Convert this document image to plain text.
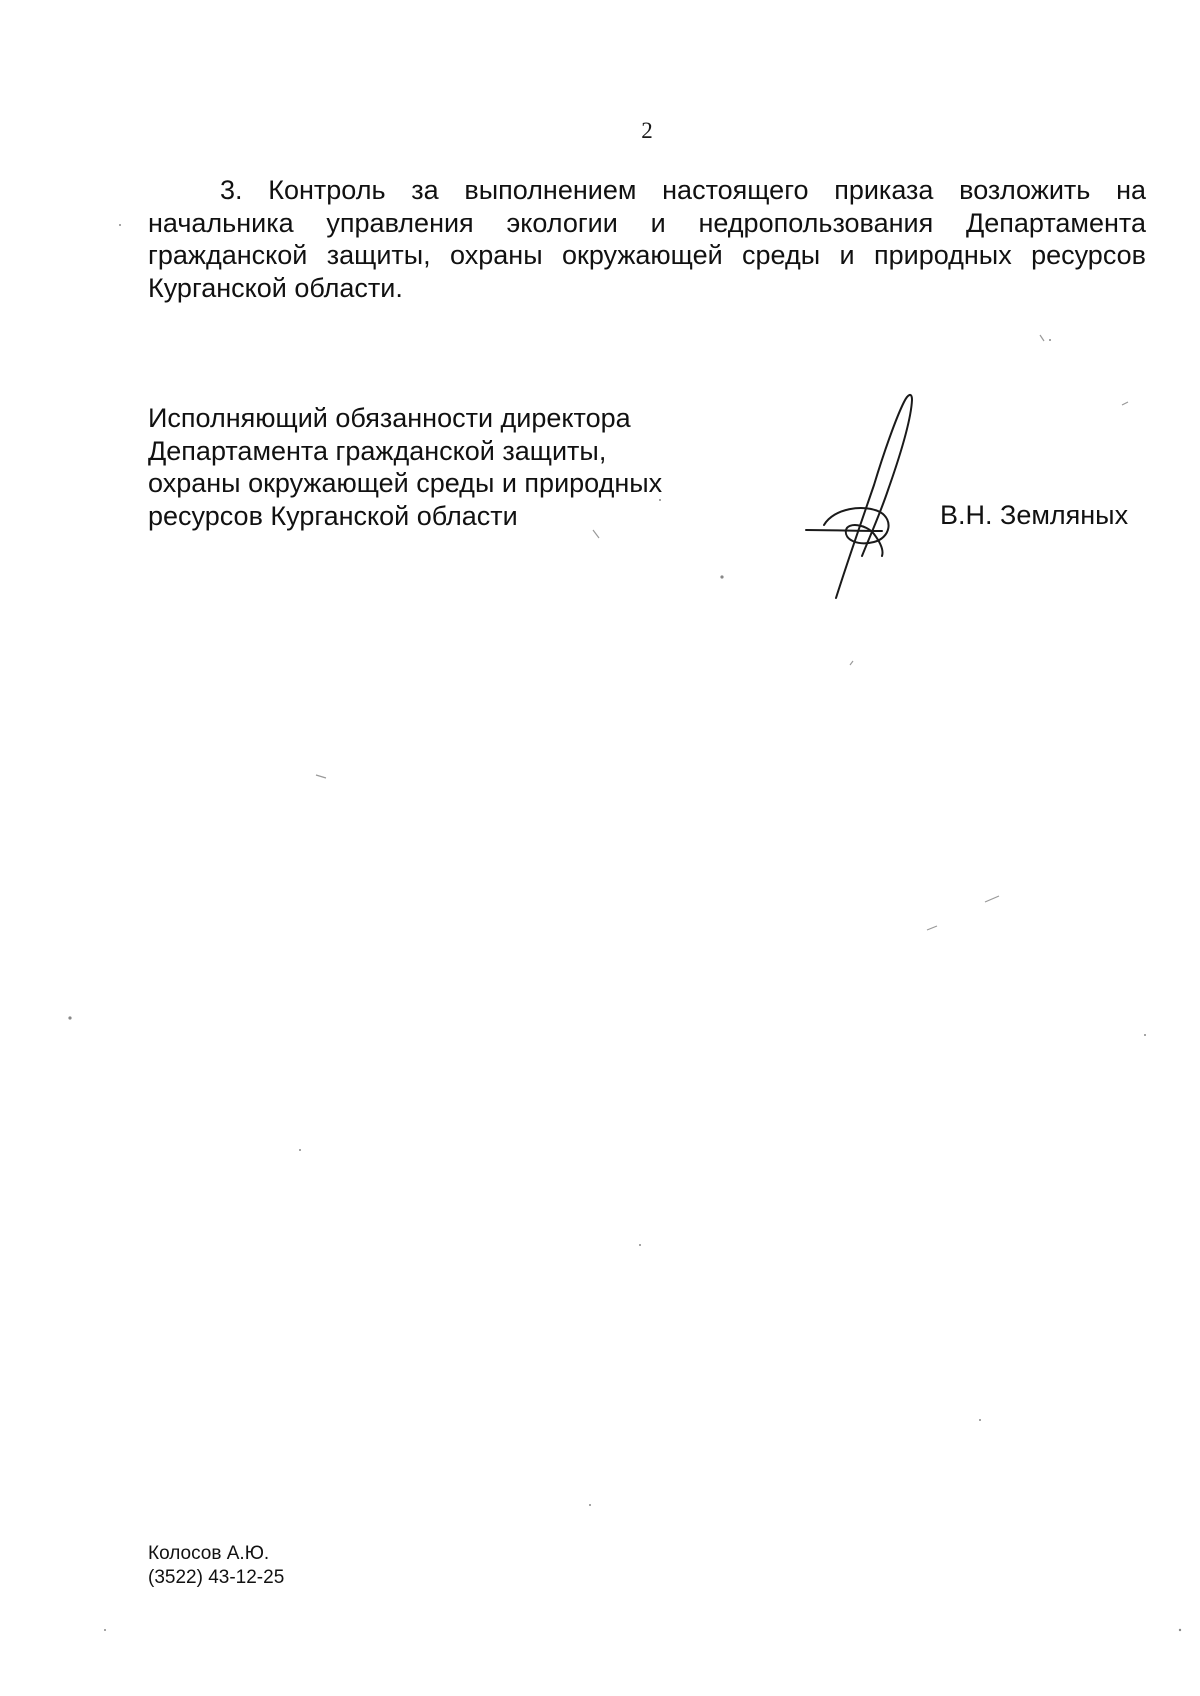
2

3. Контроль за выполнением настоящего приказа возложить на начальника управления экологии и недропользования Департамента гражданской защиты, охраны окружающей среды и природных ресурсов Курганской области.

Исполняющий обязанности директора
Департамента гражданской защиты,
охраны окружающей среды и природных
ресурсов Курганской области	В.Н. Земляных
Колосов А.Ю.
(3522) 43-12-25
